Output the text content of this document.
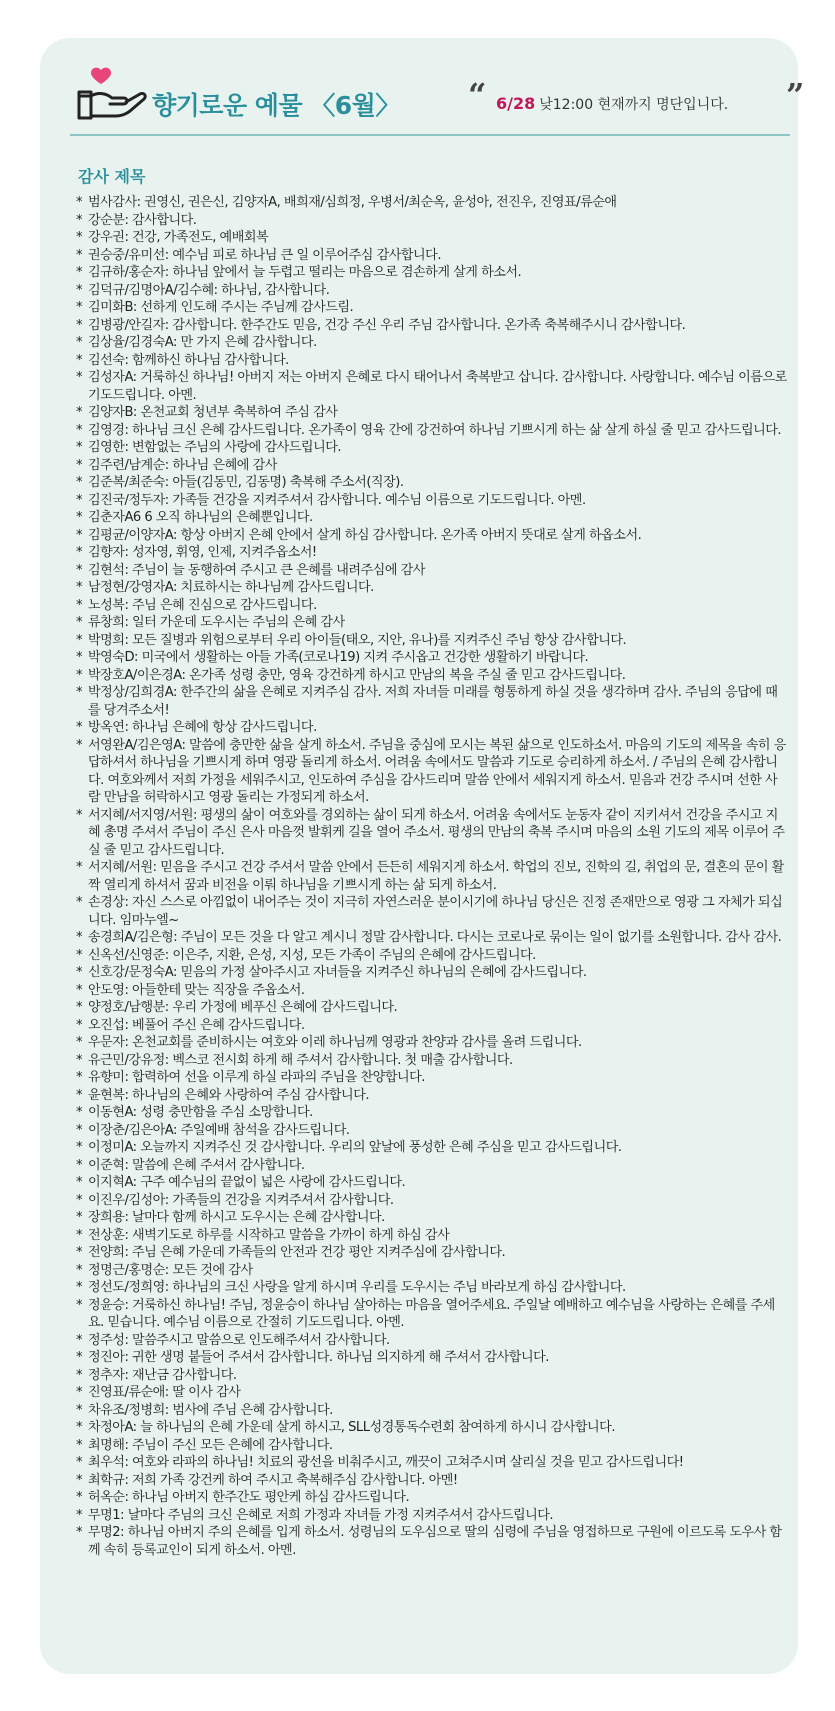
향기로운 예물 〈6월〉 “ 6/28 낮12:00 현재까지 명단입니다. ”
감사 제목
* 범사감사: 권영신, 권은신, 김양자A, 배희재/심희정, 우병서/최순옥, 윤성아, 전진우, 진영표/류순애
* 강순분: 감사합니다.
* 강우권: 건강, 가족전도, 예배회복
* 권승중/유미선: 예수님 피로 하나님 큰 일 이루어주심 감사합니다.
* 김규하/홍순자: 하나님 앞에서 늘 두렵고 떨리는 마음으로 겸손하게 살게 하소서.
* 김덕규/김명아A/김수혜: 하나님, 감사합니다.
* 김미화B: 선하게 인도해 주시는 주님께 감사드림.
* 김병광/안길자: 감사합니다. 한주간도 믿음, 건강 주신 우리 주님 감사합니다. 온가족 축복해주시니 감사합니다.
* 김상율/김경숙A: 만 가지 은혜 감사합니다.
* 김선숙: 함께하신 하나님 감사합니다.
* 김성자A: 거룩하신 하나님! 아버지 저는 아버지 은혜로 다시 태어나서 축복받고 삽니다. 감사합니다. 사랑합니다. 예수님 이름으로 기도드립니다. 아멘.
* 김양자B: 온천교회 청년부 축복하여 주심 감사
* 김영경: 하나님 크신 은혜 감사드립니다. 온가족이 영육 간에 강건하여 하나님 기쁘시게 하는 삶 살게 하실 줄 믿고 감사드립니다.
* 김영한: 변함없는 주님의 사랑에 감사드립니다.
* 김주련/남계순: 하나님 은혜에 감사
* 김준복/최준숙: 아들(김동민, 김동명) 축복해 주소서(직장).
* 김진국/정두자: 가족들 건강을 지켜주셔서 감사합니다. 예수님 이름으로 기도드립니다. 아멘.
* 김춘자A6 6 오직 하나님의 은혜뿐입니다.
* 김평균/이양자A: 항상 아버지 은혜 안에서 살게 하심 감사합니다. 온가족 아버지 뜻대로 살게 하옵소서.
* 김향자: 성자영, 휘영, 인제, 지켜주옵소서!
* 김현석: 주님이 늘 동행하여 주시고 큰 은혜를 내려주심에 감사
* 남정현/강영자A: 치료하시는 하나님께 감사드립니다.
* 노성복: 주님 은혜 진심으로 감사드립니다.
* 류창희: 일터 가운데 도우시는 주님의 은혜 감사
* 박명희: 모든 질병과 위험으로부터 우리 아이들(태오, 지안, 유나)를 지켜주신 주님 항상 감사합니다.
* 박영숙D: 미국에서 생활하는 아들 가족(코로나19) 지켜 주시옵고 건강한 생활하기 바랍니다.
* 박장호A/이은경A: 온가족 성령 충만, 영육 강건하게 하시고 만남의 복을 주실 줄 믿고 감사드립니다.
* 박정상/김희경A: 한주간의 삶을 은혜로 지켜주심 감사. 저희 자녀들 미래를 형통하게 하실 것을 생각하며 감사. 주님의 응답에 때를 당겨주소서!
* 방옥연: 하나님 은혜에 항상 감사드립니다.
* 서영완A/김은영A: 말씀에 충만한 삶을 살게 하소서. 주님을 중심에 모시는 복된 삶으로 인도하소서. 마음의 기도의 제목을 속히 응답하셔서 하나님을 기쁘시게 하며 영광 돌리게 하소서. 어려움 속에서도 말씀과 기도로 승리하게 하소서. / 주님의 은혜 감사합니다. 여호와께서 저희 가정을 세워주시고, 인도하여 주심을 감사드리며 말씀 안에서 세워지게 하소서. 믿음과 건강 주시며 선한 사람 만남을 허락하시고 영광 돌리는 가정되게 하소서.
* 서지혜/서지영/서원: 평생의 삶이 여호와를 경외하는 삶이 되게 하소서. 어려움 속에서도 눈동자 같이 지키셔서 건강을 주시고 지혜 총명 주셔서 주님이 주신 은사 마음껏 발휘케 길을 열어 주소서. 평생의 만남의 축복 주시며 마음의 소원 기도의 제목 이루어 주실 줄 믿고 감사드립니다.
* 서지혜/서원: 믿음을 주시고 건강 주셔서 말씀 안에서 든든히 세워지게 하소서. 학업의 진보, 진학의 길, 취업의 문, 결혼의 문이 활짝 열리게 하셔서 꿈과 비전을 이뤄 하나님을 기쁘시게 하는 삶 되게 하소서.
* 손경상: 자신 스스로 아낌없이 내어주는 것이 지극히 자연스러운 분이시기에 하나님 당신은 진정 존재만으로 영광 그 자체가 되십니다. 임마누엘~
* 송경희A/김은형: 주님이 모든 것을 다 알고 계시니 정말 감사합니다. 다시는 코로나로 묶이는 일이 없기를 소원합니다. 감사 감사.
* 신옥선/신영준: 이은주, 지환, 은성, 지성, 모든 가족이 주님의 은혜에 감사드립니다.
* 신호강/문정숙A: 믿음의 가정 살아주시고 자녀들을 지켜주신 하나님의 은혜에 감사드립니다.
* 안도영: 아들한테 맞는 직장을 주옵소서.
* 양정호/남행분: 우리 가정에 베푸신 은혜에 감사드립니다.
* 오진섭: 베풀어 주신 은혜 감사드립니다.
* 우문자: 온천교회를 준비하시는 여호와 이레 하나님께 영광과 찬양과 감사를 올려 드립니다.
* 유근민/강유정: 벡스코 전시회 하게 해 주셔서 감사합니다. 첫 매출 감사합니다.
* 유향미: 합력하여 선을 이루게 하실 라파의 주님을 찬양합니다.
* 윤현복: 하나님의 은혜와 사랑하여 주심 감사합니다.
* 이동현A: 성령 충만함을 주심 소망합니다.
* 이장춘/김은아A: 주일예배 참석을 감사드립니다.
* 이정미A: 오늘까지 지켜주신 것 감사합니다. 우리의 앞날에 풍성한 은혜 주심을 믿고 감사드립니다.
* 이준혁: 말씀에 은혜 주셔서 감사합니다.
* 이지혁A: 구주 예수님의 끝없이 넓은 사랑에 감사드립니다.
* 이진우/김성아: 가족들의 건강을 지켜주셔서 감사합니다.
* 장희용: 날마다 함께 하시고 도우시는 은혜 감사합니다.
* 전상훈: 새벽기도로 하루를 시작하고 말씀을 가까이 하게 하심 감사
* 전양희: 주님 은혜 가운데 가족들의 안전과 건강 평안 지켜주심에 감사합니다.
* 정명근/홍명순: 모든 것에 감사
* 정선도/정희영: 하나님의 크신 사랑을 알게 하시며 우리를 도우시는 주님 바라보게 하심 감사합니다.
* 정윤승: 거룩하신 하나님! 주님, 정윤승이 하나님 살아하는 마음을 열어주세요. 주일날 예배하고 예수님을 사랑하는 은혜를 주세요. 믿습니다. 예수님 이름으로 간절히 기도드립니다. 아멘.
* 정주성: 말씀주시고 말씀으로 인도해주셔서 감사합니다.
* 정진아: 귀한 생명 붙들어 주셔서 감사합니다. 하나님 의지하게 해 주셔서 감사합니다.
* 정추자: 재난금 감사합니다.
* 진영표/류순애: 딸 이사 감사
* 차유조/정병희: 범사에 주님 은혜 감사합니다.
* 차정아A: 늘 하나님의 은혜 가운데 살게 하시고, SLL성경통독수련회 참여하게 하시니 감사합니다.
* 최명해: 주님이 주신 모든 은혜에 감사합니다.
* 최우석: 여호와 라파의 하나님! 치료의 광선을 비춰주시고, 깨끗이 고쳐주시며 살리실 것을 믿고 감사드립니다!
* 최학규: 저희 가족 강건케 하여 주시고 축복해주심 감사합니다. 아멘!
* 허옥순: 하나님 아버지 한주간도 평안케 하심 감사드립니다.
* 무명1: 날마다 주님의 크신 은혜로 저희 가정과 자녀들 가정 지켜주셔서 감사드립니다.
* 무명2: 하나님 아버지 주의 은혜를 입게 하소서. 성령님의 도우심으로 딸의 심령에 주님을 영접하므로 구원에 이르도록 도우사 함께 속히 등록교인이 되게 하소서. 아멘.
